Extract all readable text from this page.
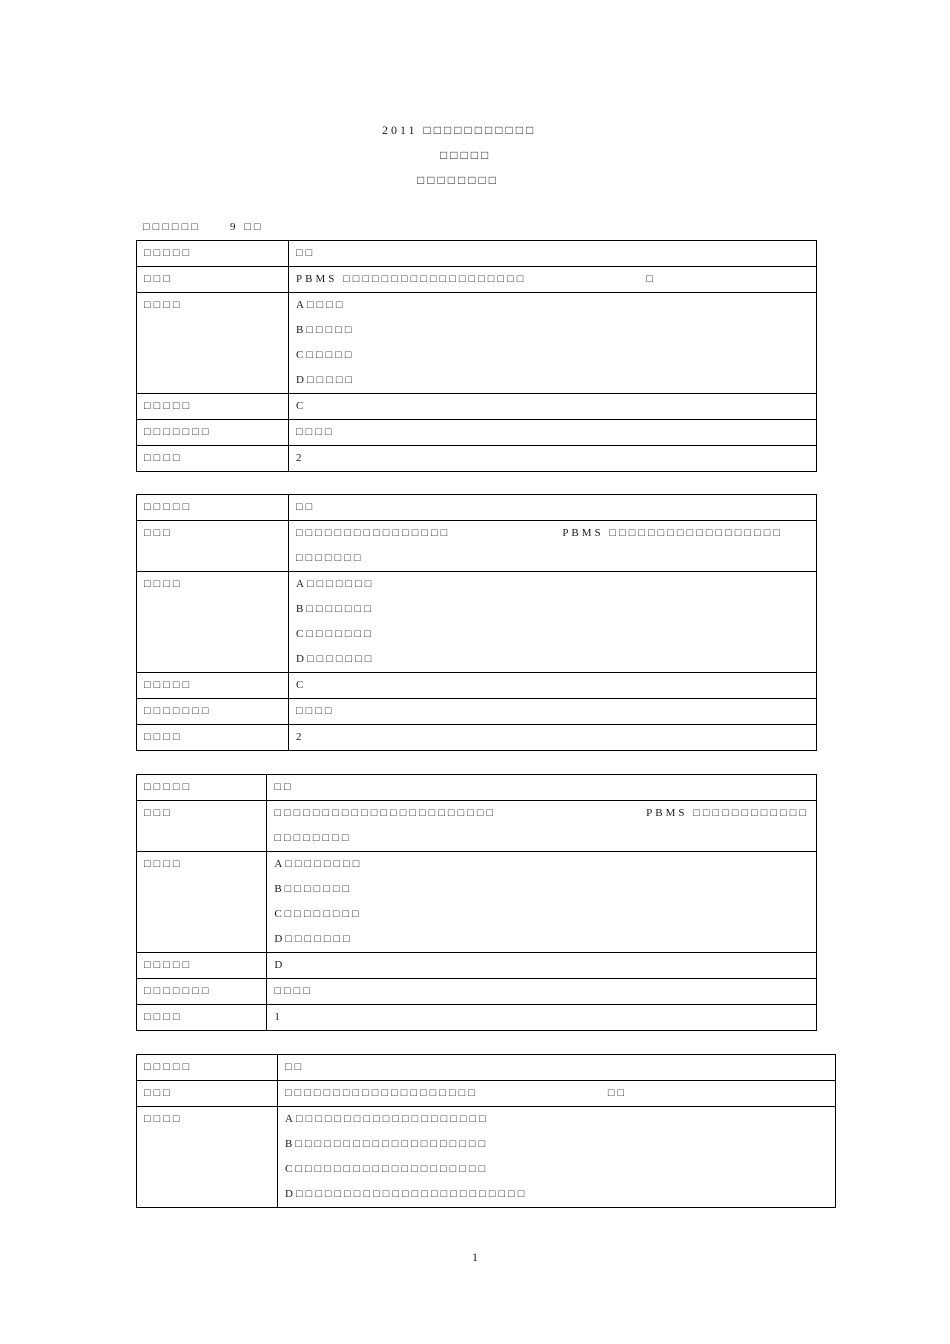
2011 □□□□□□□□□□□
□□□□□
□□□□□□□□
□□□□□□	9 □□
□□□□□	□□
□□□	PBMS □□□□□□□□□□□□□□□□□□□ □
□□□□	A□□□□
B□□□□□
C□□□□□
D□□□□□

□□□□□	C
□□□□□□□	□□□□
□□□□	2
□□□□□	□□
□□□	□□□□□□□□□□□□□□□□ PBMS □□□□□□□□□□□□□□□□□□
□□□□□□□

□□□□	A□□□□□□□
B□□□□□□□
C□□□□□□□
D□□□□□□□

□□□□□	C
□□□□□□□	□□□□
□□□□	2
□□□□□	□□
□□□	□□□□□□□□□□□□□□□□□□□□□□□ PBMS □□□□□□□□□□□□
□□□□□□□□

□□□□	A□□□□□□□□
B□□□□□□□
C□□□□□□□□
D□□□□□□□

□□□□□	D
□□□□□□□	□□□□
□□□□	1
□□□□□	□□
□□□	□□□□□□□□□□□□□□□□□□□□ □□
□□□□	A□□□□□□□□□□□□□□□□□□□□
B□□□□□□□□□□□□□□□□□□□□
C□□□□□□□□□□□□□□□□□□□□
D□□□□□□□□□□□□□□□□□□□□□□□□
1
